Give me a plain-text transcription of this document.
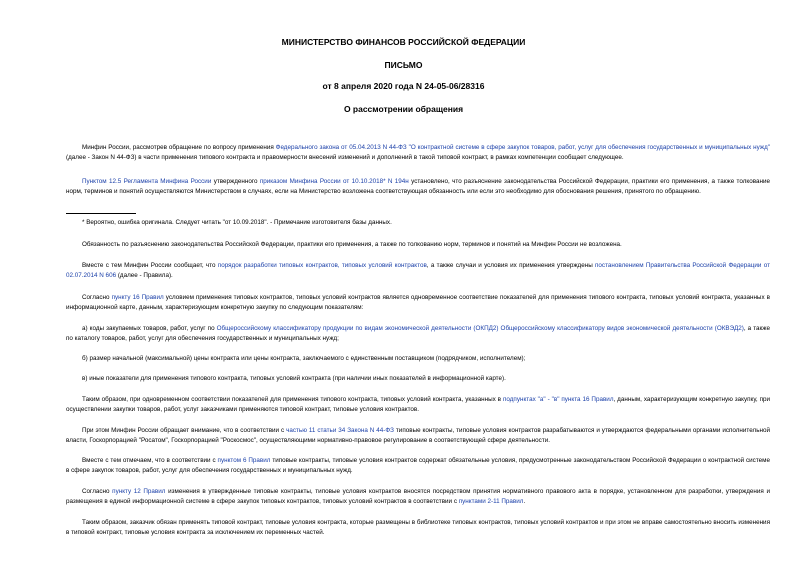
МИНИСТЕРСТВО ФИНАНСОВ РОССИЙСКОЙ ФЕДЕРАЦИИ
ПИСЬМО
от 8 апреля 2020 года N 24-05-06/28316
О рассмотрении обращения
Минфин России, рассмотрев обращение по вопросу применения Федерального закона от 05.04.2013 N 44-ФЗ "О контрактной системе в сфере закупок товаров, работ, услуг для обеспечения государственных и муниципальных нужд" (далее - Закон N 44-ФЗ) в части применения типового контракта и правомерности внесений изменений и дополнений в такой типовой контракт, в рамках компетенции сообщает следующее.
Пунктом 12.5 Регламента Минфина России утвержденного приказом Минфина России от 10.10.2018* N 194н установлено, что разъяснение законодательства Российской Федерации, практики его применения, а также толкование норм, терминов и понятий осуществляются Министерством в случаях, если на Министерство возложена соответствующая обязанность или если это необходимо для обоснования решения, принятого по обращению.
* Вероятно, ошибка оригинала. Следует читать "от 10.09.2018". - Примечание изготовителя базы данных.
Обязанность по разъяснению законодательства Российской Федерации, практики его применения, а также по толкованию норм, терминов и понятий на Минфин России не возложена.
Вместе с тем Минфин России сообщает, что порядок разработки типовых контрактов, типовых условий контрактов, а также случаи и условия их применения утверждены постановлением Правительства Российской Федерации от 02.07.2014 N 606 (далее - Правила).
Согласно пункту 16 Правил условием применения типовых контрактов, типовых условий контрактов является одновременное соответствие показателей для применения типового контракта, типовых условий контракта, указанных в информационной карте, данным, характеризующим конкретную закупку по следующим показателям:
а) коды закупаемых товаров, работ, услуг по Общероссийскому классификатору продукции по видам экономической деятельности (ОКПД2) Общероссийскому классификатору видов экономической деятельности (ОКВЭД2), а также по каталогу товаров, работ, услуг для обеспечения государственных и муниципальных нужд;
б) размер начальной (максимальной) цены контракта или цены контракта, заключаемого с единственным поставщиком (подрядчиком, исполнителем);
в) иные показатели для применения типового контракта, типовых условий контракта (при наличии иных показателей в информационной карте).
Таким образом, при одновременном соответствии показателей для применения типового контракта, типовых условий контракта, указанных в подпунктах "а" - "в" пункта 16 Правил, данным, характеризующим конкретную закупку, при осуществлении закупки товаров, работ, услуг заказчиками применяются типовой контракт, типовые условия контрактов.
При этом Минфин России обращает внимание, что в соответствии с частью 11 статьи 34 Закона N 44-ФЗ типовые контракты, типовые условия контрактов разрабатываются и утверждаются федеральными органами исполнительной власти, Госкорпорацией "Росатом", Госкорпорацией "Роскосмос", осуществляющими нормативно-правовое регулирование в соответствующей сфере деятельности.
Вместе с тем отмечаем, что в соответствии с пунктом 6 Правил типовые контракты, типовые условия контрактов содержат обязательные условия, предусмотренные законодательством Российской Федерации о контрактной системе в сфере закупок товаров, работ, услуг для обеспечения государственных и муниципальных нужд.
Согласно пункту 12 Правил изменения в утвержденные типовые контракты, типовые условия контрактов вносятся посредством принятия нормативного правового акта в порядке, установленном для разработки, утверждения и размещения в единой информационной системе в сфере закупок типовых контрактов, типовых условий контрактов в соответствии с пунктами 2-11 Правил.
Таким образом, заказчик обязан применять типовой контракт, типовые условия контракта, которые размещены в библиотеке типовых контрактов, типовых условий контрактов и при этом не вправе самостоятельно вносить изменения в типовой контракт, типовые условия контракта за исключением их переменных частей.
